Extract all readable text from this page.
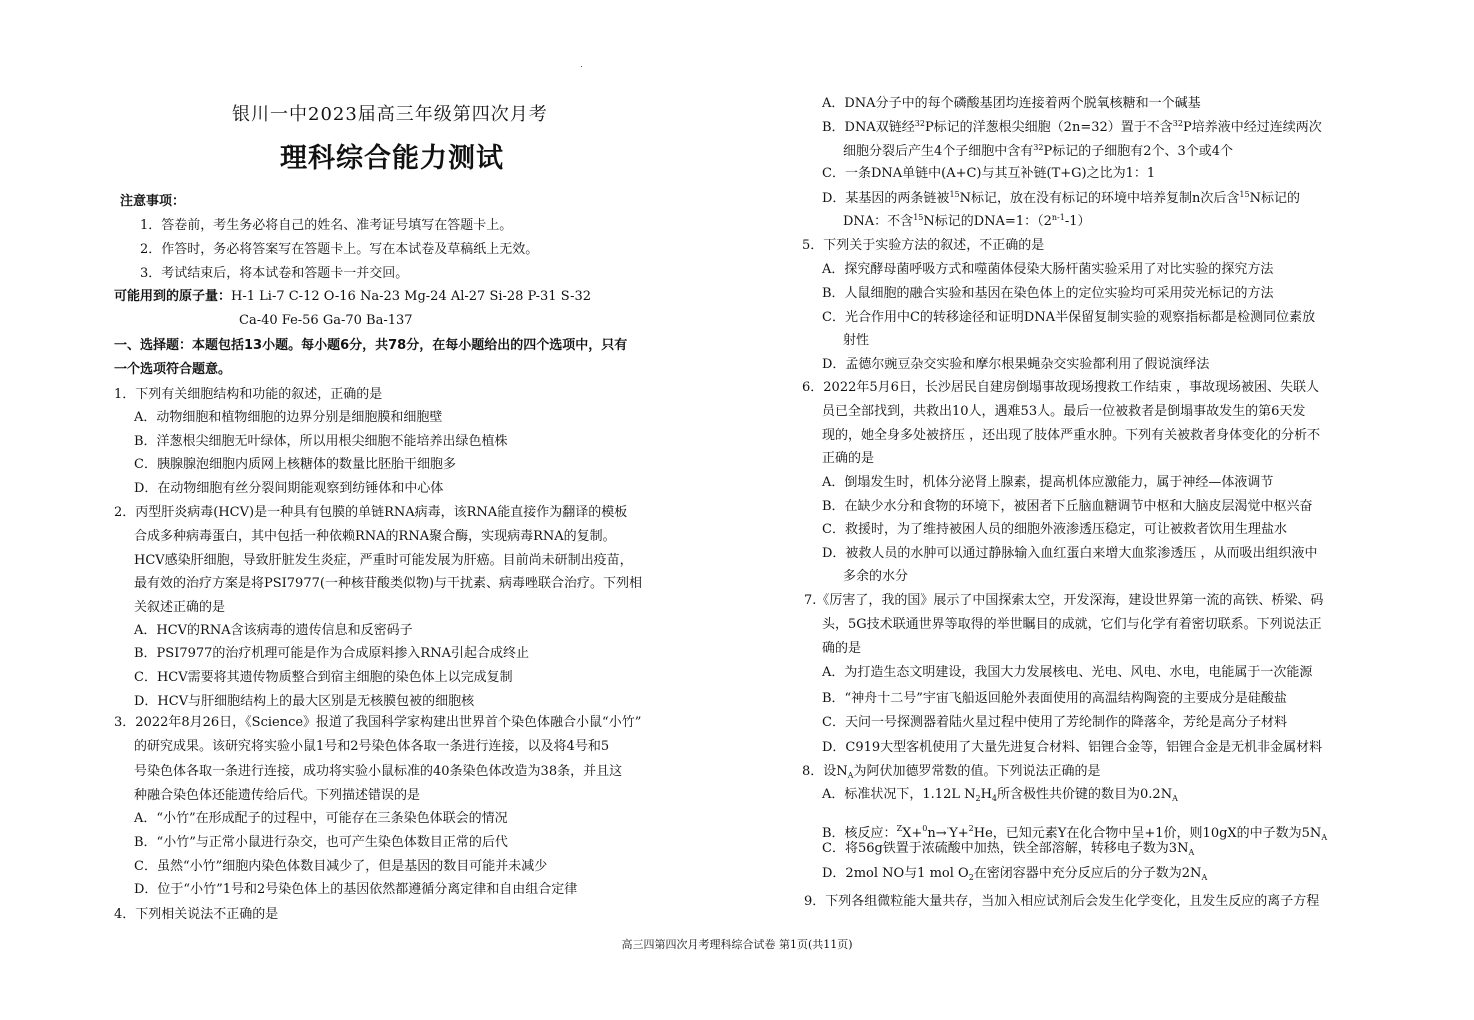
银川一中2023届高三年级第四次月考
理科综合能力测试
注意事项：
1．答卷前，考生务必将自己的姓名、准考证号填写在答题卡上。
2．作答时，务必将答案写在答题卡上。写在本试卷及草稿纸上无效。
3．考试结束后，将本试卷和答题卡一并交回。
可能用到的原子量：H-1 Li-7 C-12 O-16 Na-23 Mg-24 Al-27 Si-28 P-31 S-32
Ca-40 Fe-56 Ga-70 Ba-137
一、选择题：本题包括13小题。每小题6分，共78分，在每小题给出的四个选项中，只有
一个选项符合题意。
1．下列有关细胞结构和功能的叙述，正确的是
A．动物细胞和植物细胞的边界分别是细胞膜和细胞壁
B．洋葱根尖细胞无叶绿体，所以用根尖细胞不能培养出绿色植株
C．胰腺腺泡细胞内质网上核糖体的数量比胚胎干细胞多
D．在动物细胞有丝分裂间期能观察到纺锤体和中心体
2．丙型肝炎病毒(HCV)是一种具有包膜的单链RNA病毒，该RNA能直接作为翻译的模板
合成多种病毒蛋白，其中包括一种依赖RNA的RNA聚合酶，实现病毒RNA的复制。
HCV感染肝细胞，导致肝脏发生炎症，严重时可能发展为肝癌。目前尚未研制出疫苗，
最有效的治疗方案是将PSI7977(一种核苷酸类似物)与干扰素、病毒唑联合治疗。下列相
关叙述正确的是
A．HCV的RNA含该病毒的遗传信息和反密码子
B．PSI7977的治疗机理可能是作为合成原料掺入RNA引起合成终止
C．HCV需要将其遗传物质整合到宿主细胞的染色体上以完成复制
D．HCV与肝细胞结构上的最大区别是无核膜包被的细胞核
3．2022年8月26日，《Science》报道了我国科学家构建出世界首个染色体融合小鼠“小竹”
的研究成果。该研究将实验小鼠1号和2号染色体各取一条进行连接，以及将4号和5
号染色体各取一条进行连接，成功将实验小鼠标准的40条染色体改造为38条，并且这
种融合染色体还能遗传给后代。下列描述错误的是
A．“小竹”在形成配子的过程中，可能存在三条染色体联会的情况
B．“小竹”与正常小鼠进行杂交，也可产生染色体数目正常的后代
C．虽然“小竹”细胞内染色体数目减少了，但是基因的数目可能并未减少
D．位于“小竹”1号和2号染色体上的基因依然都遵循分离定律和自由组合定律
4．下列相关说法不正确的是
A．DNA分子中的每个磷酸基团均连接着两个脱氧核糖和一个碱基
B．DNA双链经$^{32}$P标记的洋葱根尖细胞（2n=32）置于不含$^{32}$P培养液中经过连续两次
细胞分裂后产生4个子细胞中含有$^{32}$P标记的子细胞有2个、3个或4个
C．一条DNA单链中(A+C)与其互补链(T+G)之比为1：1
D．某基因的两条链被$^{15}$N标记，放在没有标记的环境中培养复制n次后含$^{15}$N标记的
DNA：不含$^{15}$N标记的DNA=1：（2$^{n-1}$-1）
5．下列关于实验方法的叙述，不正确的是
A．探究酵母菌呼吸方式和噬菌体侵染大肠杆菌实验采用了对比实验的探究方法
B．人鼠细胞的融合实验和基因在染色体上的定位实验均可采用荧光标记的方法
C．光合作用中C的转移途径和证明DNA半保留复制实验的观察指标都是检测同位素放
射性
D．孟德尔豌豆杂交实验和摩尔根果蝇杂交实验都利用了假说演绎法
6．2022年5月6日，长沙居民自建房倒塌事故现场搜救工作结束 ，事故现场被困、失联人
员已全部找到，共救出10人，遇难53人。最后一位被救者是倒塌事故发生的第6天发
现的，她全身多处被挤压 ，还出现了肢体严重水肿。下列有关被救者身体变化的分析不
正确的是
A．倒塌发生时，机体分泌肾上腺素，提高机体应激能力，属于神经—体液调节
B．在缺少水分和食物的环境下，被困者下丘脑血糖调节中枢和大脑皮层渴觉中枢兴奋
C．救援时，为了维持被困人员的细胞外液渗透压稳定，可让被救者饮用生理盐水
D．被救人员的水肿可以通过静脉输入血红蛋白来增大血浆渗透压 ，从而吸出组织液中
多余的水分
7.《厉害了，我的国》展示了中国探索太空，开发深海，建设世界第一流的高铁、桥梁、码
头，5G技术联通世界等取得的举世瞩目的成就，它们与化学有着密切联系。下列说法正
确的是
A．为打造生态文明建设，我国大力发展核电、光电、风电、水电，电能属于一次能源
B．“神舟十二号”宇宙飞船返回舱外表面使用的高温结构陶瓷的主要成分是硅酸盐
C．天问一号探测器着陆火星过程中使用了芳纶制作的降落伞，芳纶是高分子材料
D．C919大型客机使用了大量先进复合材料、铝锂合金等，铝锂合金是无机非金属材料
8．设$N_A$为阿伏加德罗常数的值。下列说法正确的是
A．标准状况下，1.12L $N_2H_4$所含极性共价键的数目为$0.2N_A$
B．核反应：$^Z$X+$^0$n→·Y+$^2$He，已知元素Y在化合物中呈+1价，则10gX的中子数为$5N_A$
C．将56g铁置于浓硫酸中加热，铁全部溶解，转移电子数为$3N_A$
D．2mol NO与1 mol $O_2$在密闭容器中充分反应后的分子数为$2N_A$
9．下列各组微粒能大量共存，当加入相应试剂后会发生化学变化，且发生反应的离子方程
高三四第四次月考理科综合试卷 第1页(共11页)
